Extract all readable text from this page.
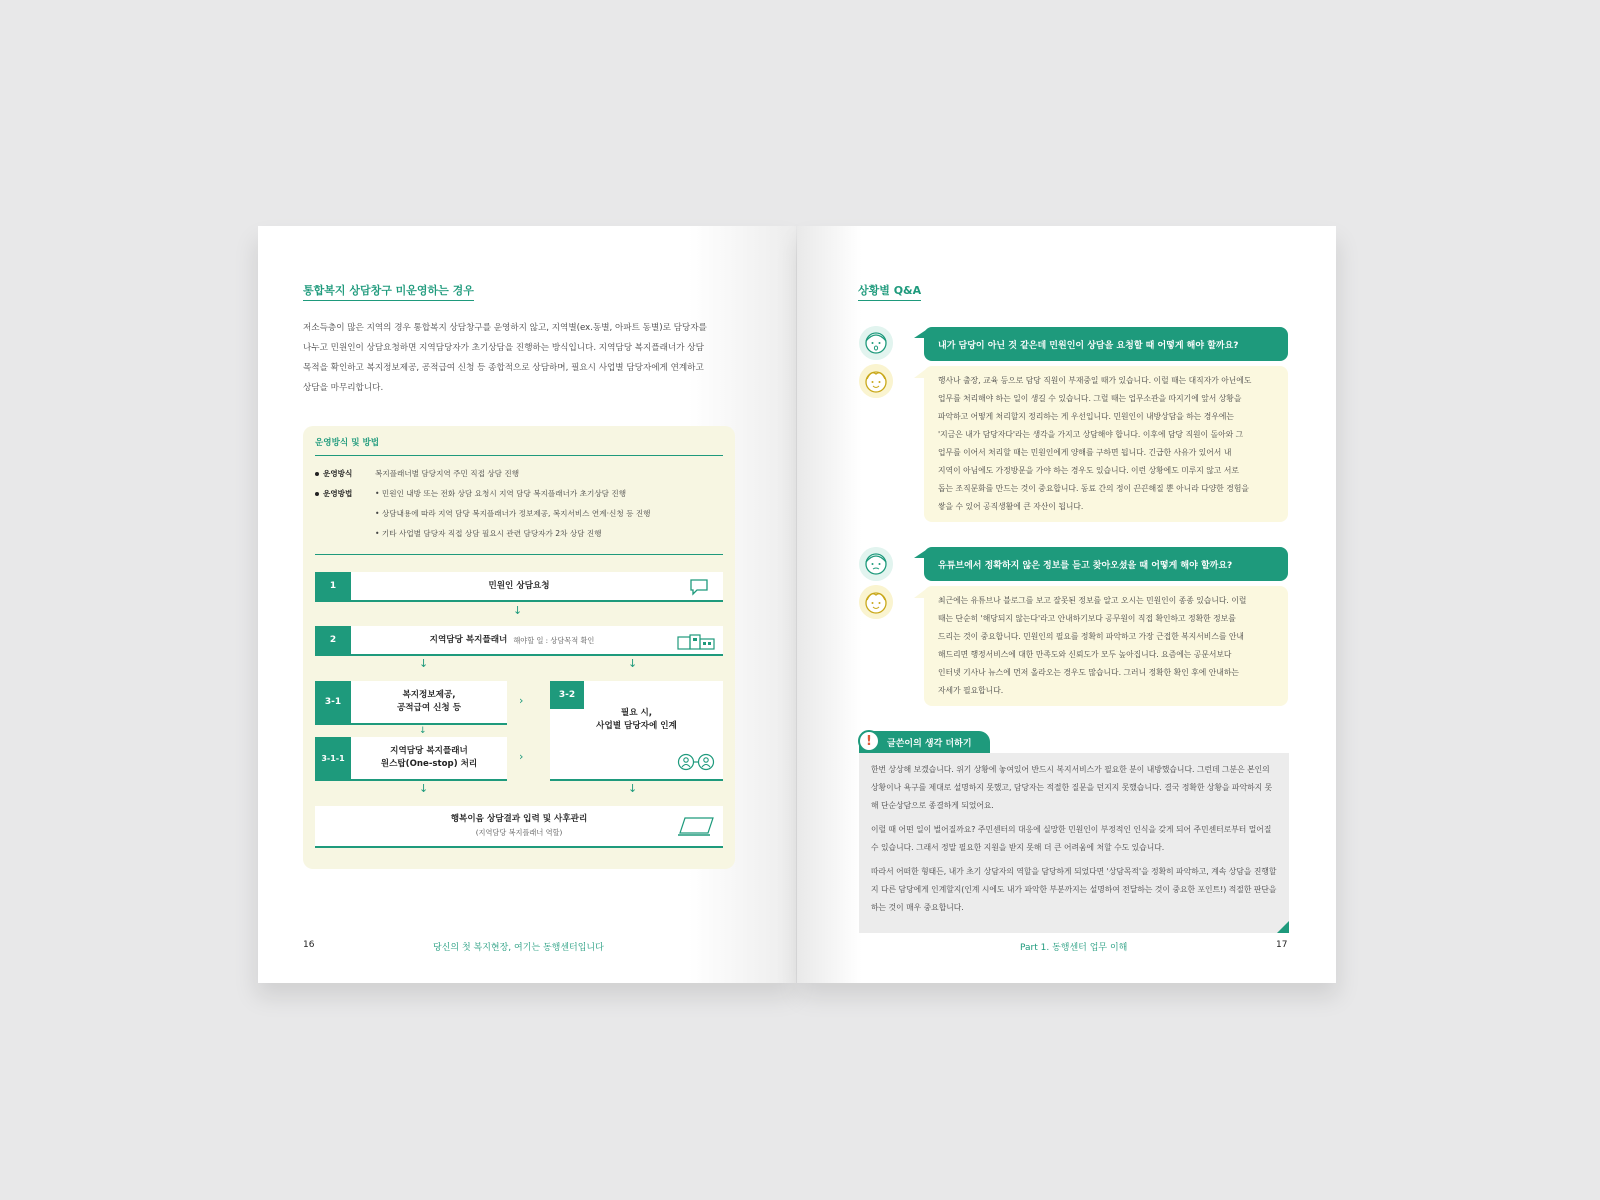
통합복지 상담창구 미운영하는 경우
저소득층이 많은 지역의 경우 통합복지 상담창구를 운영하지 않고, 지역별(ex.동별, 아파트 동별)로 담당자를
나누고 민원인이 상담요청하면 지역담당자가 초기상담을 진행하는 방식입니다. 지역담당 복지플래너가 상담
목적을 확인하고 복지정보제공, 공적급여 신청 등 종합적으로 상담하며, 필요시 사업별 담당자에게 연계하고
상담을 마무리합니다.
운영방식 및 방법
운영방식	복지플래너별 담당지역 주민 직접 상담 진행
운영방법	• 민원인 내방 또는 전화 상담 요청시 지역 담당 복지플래너가 초기상담 진행
• 상담내용에 따라 지역 담당 복지플래너가 정보제공, 복지서비스 연계·신청 등 진행
• 기타 사업별 담당자 직접 상담 필요시 관련 담당자가 2차 상담 진행
1	민원인 상담요청
↓
2	지역담당 복지플래너
해야할 일 : 상담목적 확인
↓	↓
3-1
복지정보제공,
공적급여 신청 등
↓
›
3-1-1
지역담당 복지플래너
원스탑(One-stop) 처리
›
3-2
필요 시,
사업별 담당자에 인계
↓	↓
행복이음 상담결과 입력 및 사후관리
(지역담당 복지플래너 역할)
16	당신의 첫 복지현장, 여기는 동행센터입니다
상황별 Q&A
내가 담당이 아닌 것 같은데 민원인이 상담을 요청할 때 어떻게 해야 할까요?
행사나 출장, 교육 등으로 담당 직원이 부재중일 때가 있습니다. 이럴 때는 대직자가 아닌에도
업무를 처리해야 하는 일이 생길 수 있습니다. 그럴 때는 업무소관을 따지기에 앞서 상황을
파악하고 어떻게 처리할지 정리하는 게 우선입니다. 민원인이 내방상담을 하는 경우에는
'지금은 내가 담당자다'라는 생각을 가지고 상담해야 합니다. 이후에 담당 직원이 돌아와 그
업무를 이어서 처리할 때는 민원인에게 양해를 구하면 됩니다. 긴급한 사유가 있어서 내
지역이 아님에도 가정방문을 가야 하는 경우도 있습니다. 이런 상황에도 미루지 않고 서로
돕는 조직문화를 만드는 것이 중요합니다. 동료 간의 정이 끈끈해질 뿐 아니라 다양한 경험을
쌓을 수 있어 공직생활에 큰 자산이 됩니다.
유튜브에서 정확하지 않은 정보를 듣고 찾아오셨을 때 어떻게 해야 할까요?
최근에는 유튜브나 블로그를 보고 잘못된 정보를 알고 오시는 민원인이 종종 있습니다. 이럴
때는 단순히 '해당되지 않는다'라고 안내하기보다 공무원이 직접 확인하고 정확한 정보를
드리는 것이 중요합니다. 민원인의 필요를 정확히 파악하고 가장 근접한 복지서비스를 안내
해드리면 행정서비스에 대한 만족도와 신뢰도가 모두 높아집니다. 요즘에는 공문서보다
인터넷 기사나 뉴스에 먼저 올라오는 경우도 많습니다. 그러니 정확한 확인 후에 안내하는
자세가 필요합니다.
글쓴이의 생각 더하기
!

한번 상상해 보겠습니다. 위기 상황에 놓여있어 반드시 복지서비스가 필요한 분이 내방했습니다. 그런데 그분은 본인의 상황이나 욕구를 제대로 설명하지 못했고, 담당자는 적절한 질문을 던지지 못했습니다. 결국 정확한 상황을 파악하지 못해 단순상담으로 종결하게 되었어요.

이럴 때 어떤 일이 벌어질까요? 주민센터의 대응에 실망한 민원인이 부정적인 인식을 갖게 되어 주민센터로부터 멀어질 수 있습니다. 그래서 정말 필요한 지원을 받지 못해 더 큰 어려움에 처할 수도 있습니다.

따라서 어떠한 형태든, 내가 초기 상담자의 역할을 담당하게 되었다면 '상담목적'을 정확히 파악하고, 계속 상담을 진행할지 다른 담당에게 인계할지(인계 시에도 내가 파악한 부분까지는 설명하여 전달하는 것이 중요한 포인트!) 적절한 판단을 하는 것이 매우 중요합니다.

Part 1. 동행센터 업무 이해	17
